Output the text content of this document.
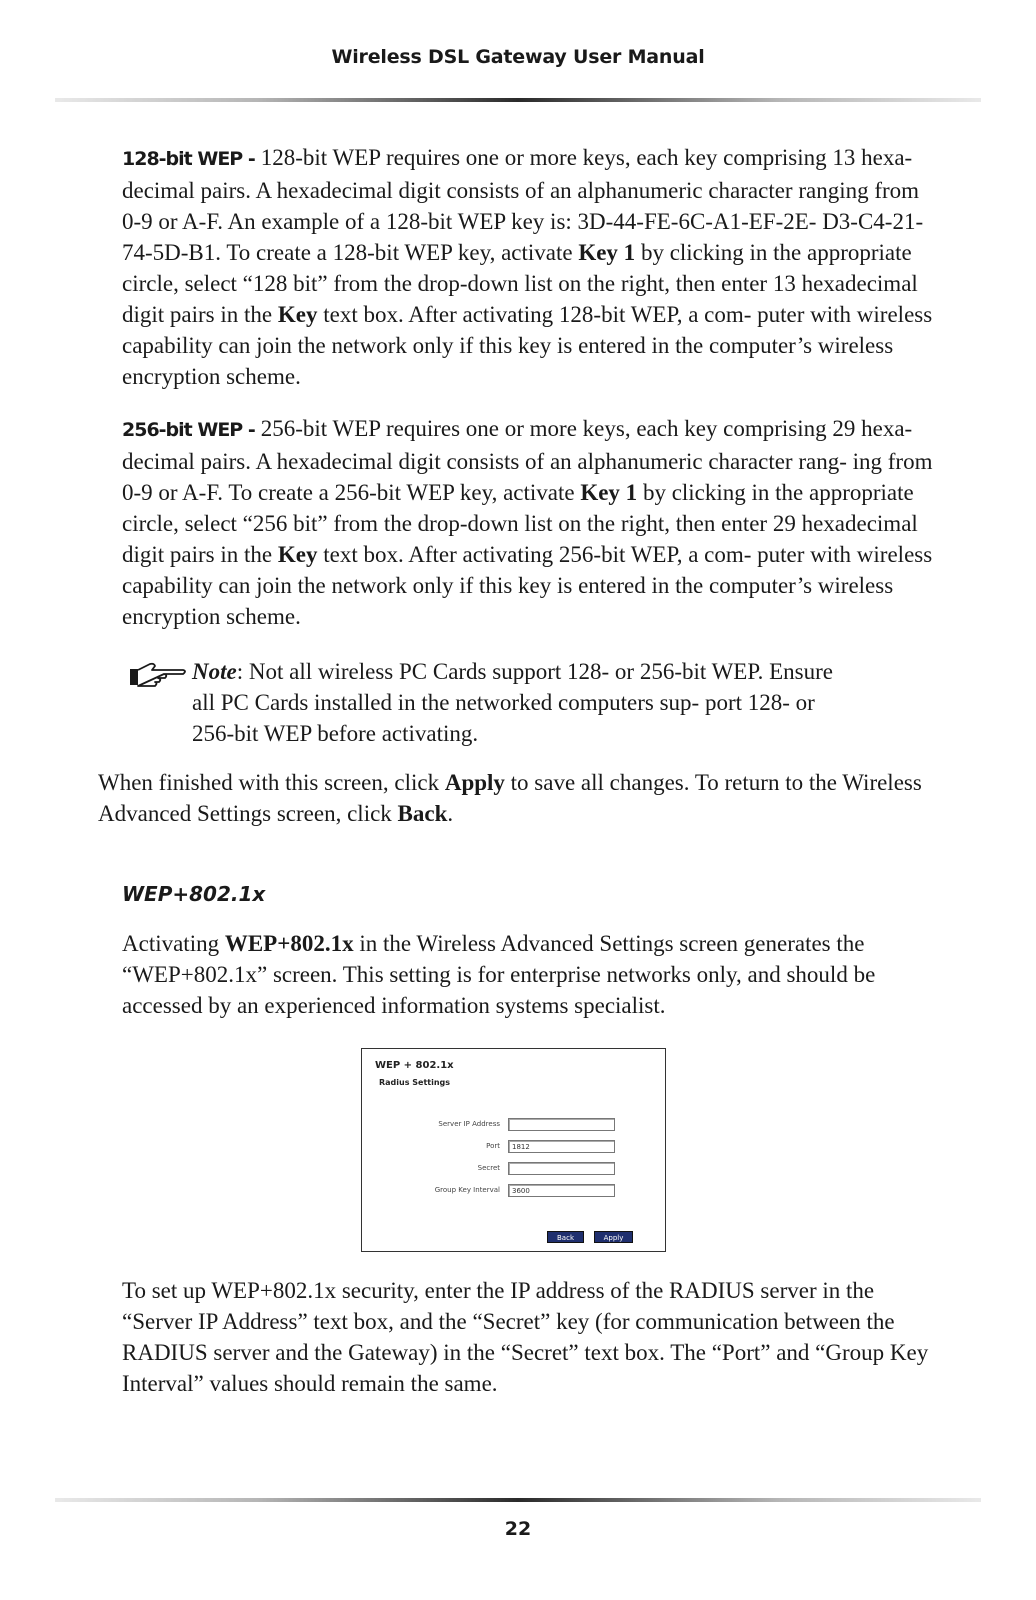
Wireless DSL Gateway User Manual

128-bit WEP - 128-bit WEP requires one or more keys, each key comprising 13 hexa- decimal pairs. A hexadecimal digit consists of an alphanumeric character ranging from 0-9 or A-F. An example of a 128-bit WEP key is: 3D-44-FE-6C-A1-EF-2E- D3-C4-21-74-5D-B1. To create a 128-bit WEP key, activate Key 1 by clicking in the appropriate circle, select “128 bit” from the drop-down list on the right, then enter 13 hexadecimal digit pairs in the Key text box. After activating 128-bit WEP, a com- puter with wireless capability can join the network only if this key is entered in the computer’s wireless encryption scheme.

256-bit WEP - 256-bit WEP requires one or more keys, each key comprising 29 hexa- decimal pairs. A hexadecimal digit consists of an alphanumeric character rang- ing from 0-9 or A-F. To create a 256-bit WEP key, activate Key 1 by clicking in the appropriate circle, select “256 bit” from the drop-down list on the right, then enter 29 hexadecimal digit pairs in the Key text box. After activating 256-bit WEP, a com- puter with wireless capability can join the network only if this key is entered in the computer’s wireless encryption scheme.

Note: Not all wireless PC Cards support 128- or 256-bit WEP. Ensure all PC Cards installed in the networked computers sup- port 128- or 256-bit WEP before activating.

When finished with this screen, click Apply to save all changes. To return to the Wireless Advanced Settings screen, click Back.

WEP+802.1x

Activating WEP+802.1x in the Wireless Advanced Settings screen generates the “WEP+802.1x” screen. This setting is for enterprise networks only, and should be accessed by an experienced information systems specialist.

WEP + 802.1x
Radius Settings
Server IP Address
Port	1812
Secret
Group Key Interval	3600
Back	Apply

To set up WEP+802.1x security, enter the IP address of the RADIUS server in the “Server IP Address” text box, and the “Secret” key (for communication between the RADIUS server and the Gateway) in the “Secret” text box. The “Port” and “Group Key Interval” values should remain the same.

22
